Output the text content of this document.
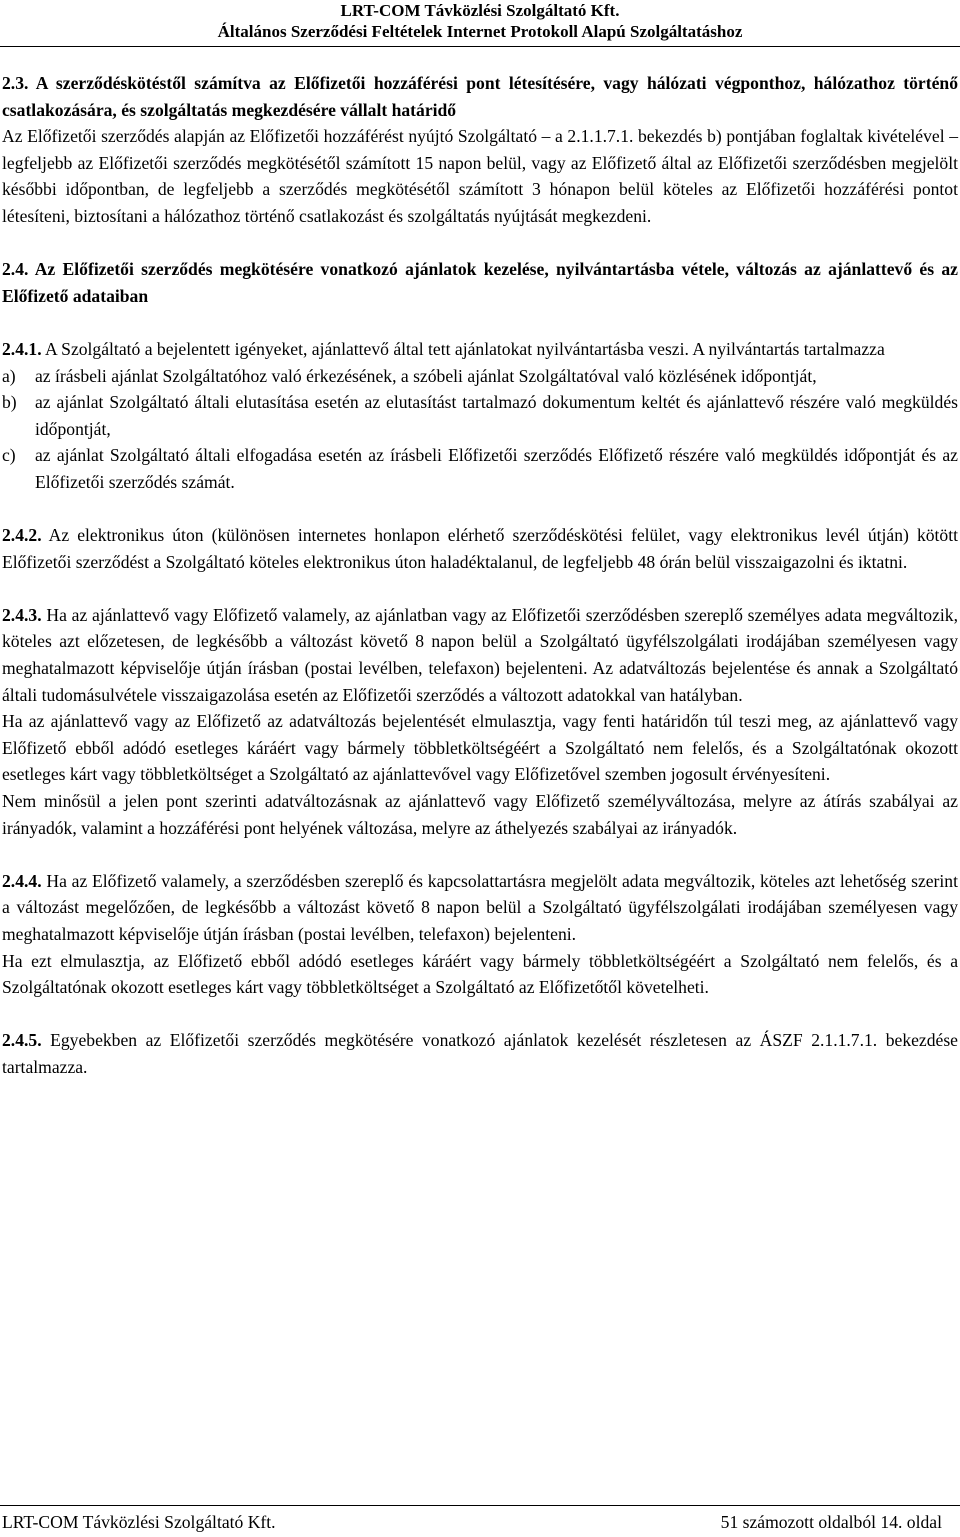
LRT-COM Távközlési Szolgáltató Kft.
Általános Szerződési Feltételek Internet Protokoll Alapú Szolgáltatáshoz

2.3. A szerződéskötéstől számítva az Előfizetői hozzáférési pont létesítésére, vagy hálózati végponthoz, hálózathoz történő csatlakozására, és szolgáltatás megkezdésére vállalt határidő

Az Előfizetői szerződés alapján az Előfizetői hozzáférést nyújtó Szolgáltató – a 2.1.1.7.1. bekezdés b) pontjában foglaltak kivételével – legfeljebb az Előfizetői szerződés megkötésétől számított 15 napon belül, vagy az Előfizető által az Előfizetői szerződésben megjelölt későbbi időpontban, de legfeljebb a szerződés megkötésétől számított 3 hónapon belül köteles az Előfizetői hozzáférési pontot létesíteni, biztosítani a hálózathoz történő csatlakozást és szolgáltatás nyújtását megkezdeni.

2.4. Az Előfizetői szerződés megkötésére vonatkozó ajánlatok kezelése, nyilvántartásba vétele, változás az ajánlattevő és az Előfizető adataiban

2.4.1. A Szolgáltató a bejelentett igényeket, ajánlattevő által tett ajánlatokat nyilvántartásba veszi. A nyilvántartás tartalmazza

a)	az írásbeli ajánlat Szolgáltatóhoz való érkezésének, a szóbeli ajánlat Szolgáltatóval való közlésének időpontját,
b)	az ajánlat Szolgáltató általi elutasítása esetén az elutasítást tartalmazó dokumentum keltét és ajánlattevő részére való megküldés időpontját,
c)	az ajánlat Szolgáltató általi elfogadása esetén az írásbeli Előfizetői szerződés Előfizető részére való megküldés időpontját és az Előfizetői szerződés számát.

2.4.2. Az elektronikus úton (különösen internetes honlapon elérhető szerződéskötési felület, vagy elektronikus levél útján) kötött Előfizetői szerződést a Szolgáltató köteles elektronikus úton haladéktalanul, de legfeljebb 48 órán belül visszaigazolni és iktatni.

2.4.3. Ha az ajánlattevő vagy Előfizető valamely, az ajánlatban vagy az Előfizetői szerződésben szereplő személyes adata megváltozik, köteles azt előzetesen, de legkésőbb a változást követő 8 napon belül a Szolgáltató ügyfélszolgálati irodájában személyesen vagy meghatalmazott képviselője útján írásban (postai levélben, telefaxon) bejelenteni. Az adatváltozás bejelentése és annak a Szolgáltató általi tudomásulvétele visszaigazolása esetén az Előfizetői szerződés a változott adatokkal van hatályban.

Ha az ajánlattevő vagy az Előfizető az adatváltozás bejelentését elmulasztja, vagy fenti határidőn túl teszi meg, az ajánlattevő vagy Előfizető ebből adódó esetleges káráért vagy bármely többletköltségéért a Szolgáltató nem felelős, és a Szolgáltatónak okozott esetleges kárt vagy többletköltséget a Szolgáltató az ajánlattevővel vagy Előfizetővel szemben jogosult érvényesíteni.

Nem minősül a jelen pont szerinti adatváltozásnak az ajánlattevő vagy Előfizető személyváltozása, melyre az átírás szabályai az irányadók, valamint a hozzáférési pont helyének változása, melyre az áthelyezés szabályai az irányadók.

2.4.4. Ha az Előfizető valamely, a szerződésben szereplő és kapcsolattartásra megjelölt adata megváltozik, köteles azt lehetőség szerint a változást megelőzően, de legkésőbb a változást követő 8 napon belül a Szolgáltató ügyfélszolgálati irodájában személyesen vagy meghatalmazott képviselője útján írásban (postai levélben, telefaxon) bejelenteni.

Ha ezt elmulasztja, az Előfizető ebből adódó esetleges káráért vagy bármely többletköltségéért a Szolgáltató nem felelős, és a Szolgáltatónak okozott esetleges kárt vagy többletköltséget a Szolgáltató az Előfizetőtől követelheti.

2.4.5. Egyebekben az Előfizetői szerződés megkötésére vonatkozó ajánlatok kezelését részletesen az ÁSZF 2.1.1.7.1. bekezdése tartalmazza.

LRT-COM Távközlési Szolgáltató Kft.	51 számozott oldalból 14. oldal
